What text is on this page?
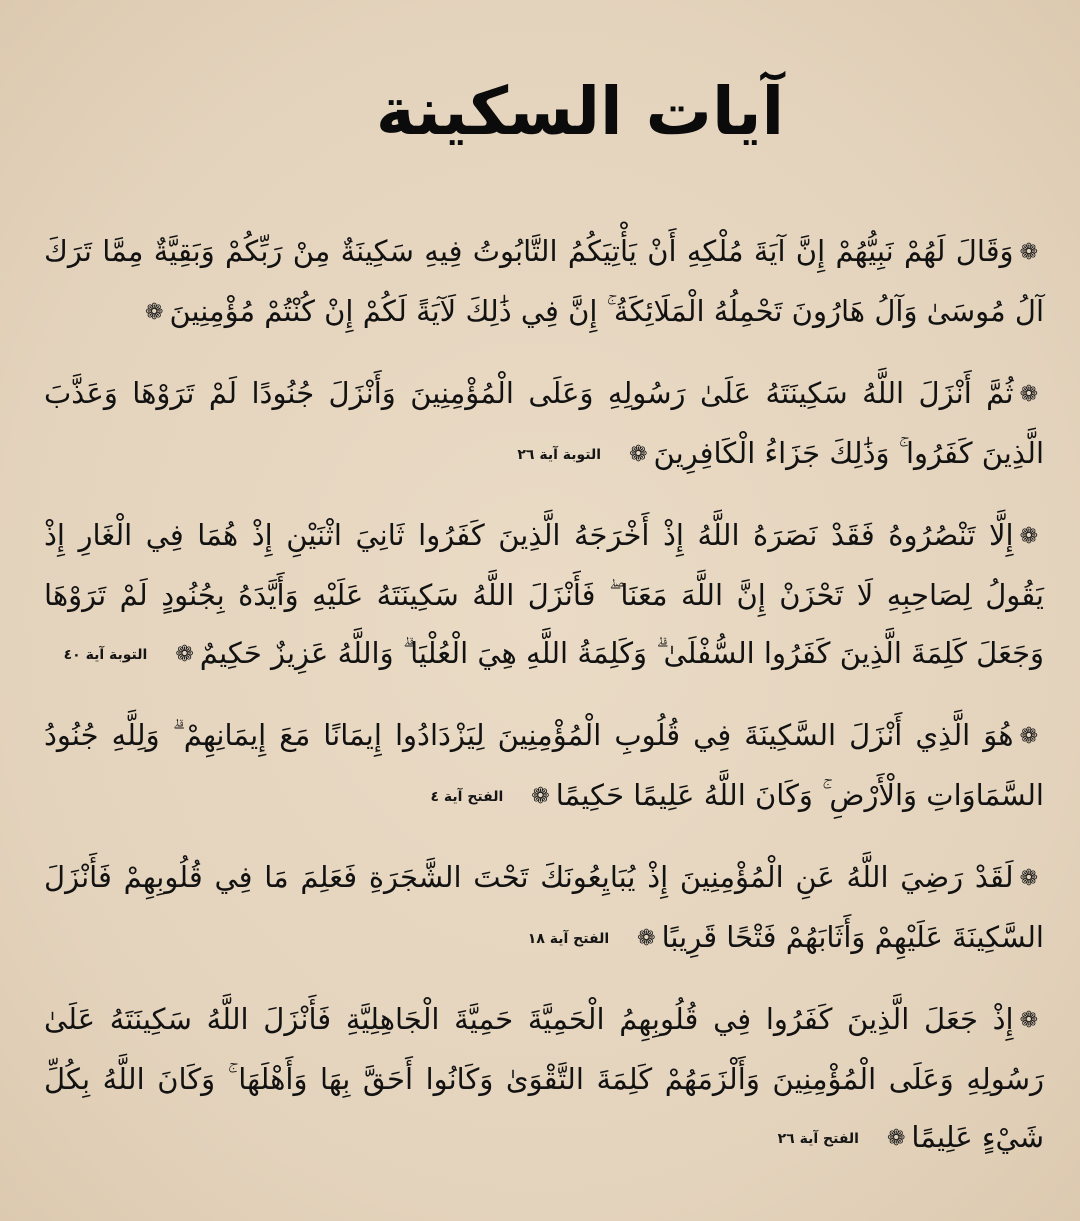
آيات السكينة

❁وَقَالَ لَهُمْ نَبِيُّهُمْ إِنَّ آيَةَ مُلْكِهِ أَنْ يَأْتِيَكُمُ التَّابُوتُ فِيهِ سَكِينَةٌ مِنْ رَبِّكُمْ وَبَقِيَّةٌ مِمَّا تَرَكَ آلُ مُوسَىٰ وَآلُ هَارُونَ تَحْمِلُهُ الْمَلَائِكَةُ ۚ إِنَّ فِي ذَٰلِكَ لَآيَةً لَكُمْ إِنْ كُنْتُمْ مُؤْمِنِينَ❁

❁ثُمَّ أَنْزَلَ اللَّهُ سَكِينَتَهُ عَلَىٰ رَسُولِهِ وَعَلَى الْمُؤْمِنِينَ وَأَنْزَلَ جُنُودًا لَمْ تَرَوْهَا وَعَذَّبَ الَّذِينَ كَفَرُوا ۚ وَذَٰلِكَ جَزَاءُ الْكَافِرِينَ❁التوبة آية ٢٦

❁إِلَّا تَنْصُرُوهُ فَقَدْ نَصَرَهُ اللَّهُ إِذْ أَخْرَجَهُ الَّذِينَ كَفَرُوا ثَانِيَ اثْنَيْنِ إِذْ هُمَا فِي الْغَارِ إِذْ يَقُولُ لِصَاحِبِهِ لَا تَحْزَنْ إِنَّ اللَّهَ مَعَنَا ۖ فَأَنْزَلَ اللَّهُ سَكِينَتَهُ عَلَيْهِ وَأَيَّدَهُ بِجُنُودٍ لَمْ تَرَوْهَا وَجَعَلَ كَلِمَةَ الَّذِينَ كَفَرُوا السُّفْلَىٰ ۗ وَكَلِمَةُ اللَّهِ هِيَ الْعُلْيَا ۗ وَاللَّهُ عَزِيزٌ حَكِيمٌ❁التوبة آية ٤٠

❁هُوَ الَّذِي أَنْزَلَ السَّكِينَةَ فِي قُلُوبِ الْمُؤْمِنِينَ لِيَزْدَادُوا إِيمَانًا مَعَ إِيمَانِهِمْ ۗ وَلِلَّهِ جُنُودُ السَّمَاوَاتِ وَالْأَرْضِ ۚ وَكَانَ اللَّهُ عَلِيمًا حَكِيمًا❁الفتح آية ٤

❁لَقَدْ رَضِيَ اللَّهُ عَنِ الْمُؤْمِنِينَ إِذْ يُبَايِعُونَكَ تَحْتَ الشَّجَرَةِ فَعَلِمَ مَا فِي قُلُوبِهِمْ فَأَنْزَلَ السَّكِينَةَ عَلَيْهِمْ وَأَثَابَهُمْ فَتْحًا قَرِيبًا❁الفتح آية ١٨

❁إِذْ جَعَلَ الَّذِينَ كَفَرُوا فِي قُلُوبِهِمُ الْحَمِيَّةَ حَمِيَّةَ الْجَاهِلِيَّةِ فَأَنْزَلَ اللَّهُ سَكِينَتَهُ عَلَىٰ رَسُولِهِ وَعَلَى الْمُؤْمِنِينَ وَأَلْزَمَهُمْ كَلِمَةَ التَّقْوَىٰ وَكَانُوا أَحَقَّ بِهَا وَأَهْلَهَا ۚ وَكَانَ اللَّهُ بِكُلِّ شَيْءٍ عَلِيمًا❁الفتح آية ٢٦
